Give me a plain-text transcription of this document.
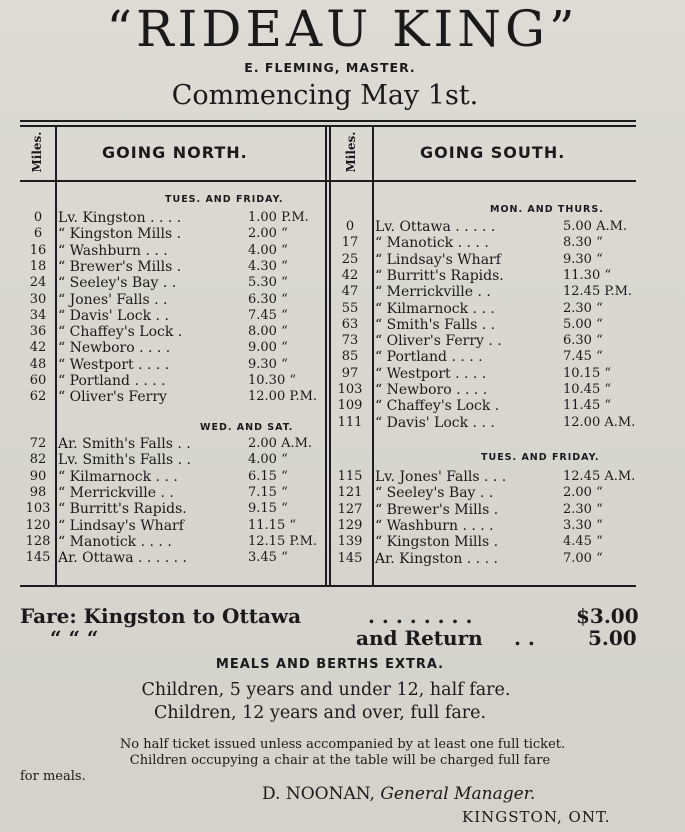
“RIDEAU KING”
E. FLEMING, MASTER.
Commencing May 1st.
Miles.	GOING NORTH.	Miles.	GOING SOUTH.
TUES. AND FRIDAY.
0	Lv. Kingston . . . .	1.00 P.M.
6	“ Kingston Mills .	2.00 “
16 “ Washburn . . .	4.00 “
18 “ Brewer's Mills .	4.30 “
24 “ Seeley's Bay . .	5.30 “
30 “ Jones' Falls . .	6.30 “
34 “ Davis' Lock . .	7.45 “
36 “ Chaffey's Lock .	8.00 “
42 “ Newboro . . . .	9.00 “
48 “ Westport . . . .	9.30 “
60 “ Portland . . . .	10.30 “
62 “ Oliver's Ferry	12.00 P.M.
WED. AND SAT.
72 Ar. Smith's Falls . .	2.00 A.M.
82 Lv. Smith's Falls . .	4.00 “
90 “ Kilmarnock . . .	6.15 “
98 “ Merrickville . .	7.15 “
103 “ Burritt's Rapids.	9.15 “
120 “ Lindsay's Wharf	11.15 “
128 “ Manotick . . . .	12.15 P.M.
145 Ar. Ottawa . . . . . .	3.45 “
MON. AND THURS.
0	Lv. Ottawa . . . . .	5.00 A.M.
17	“ Manotick . . . .	8.30 “
25	“ Lindsay's Wharf	9.30 “
42	“ Burritt's Rapids.	11.30 “
47	“ Merrickville . .	12.45 P.M.
55	“ Kilmarnock . . .	2.30 “
63	“ Smith's Falls . .	5.00 “
73	“ Oliver's Ferry . .	6.30 “
85	“ Portland . . . .	7.45 “
97	“ Westport . . . .	10.15 “
103 “ Newboro . . . .	10.45 “
109 “ Chaffey's Lock .	11.45 “
111 “ Davis' Lock . . .	12.00 A.M.
TUES. AND FRIDAY.
115 Lv. Jones' Falls . . .	12.45 A.M.
121 “ Seeley's Bay . .	2.00 “
127 “ Brewer's Mills .	2.30 “
129 “ Washburn . . . .	3.30 “
139 “ Kingston Mills .	4.45 “
145 Ar. Kingston . . . .	7.00 “
Fare: Kingston to Ottawa	. . . . . . . .	$3.00
“ “ “	and Return . .	5.00
MEALS AND BERTHS EXTRA.
Children, 5 years and under 12, half fare.
Children, 12 years and over, full fare.
No half ticket issued unless accompanied by at least one full ticket.
Children occupying a chair at the table will be charged full fare
for meals.
D. NOONAN, General Manager.
KINGSTON, ONT.
